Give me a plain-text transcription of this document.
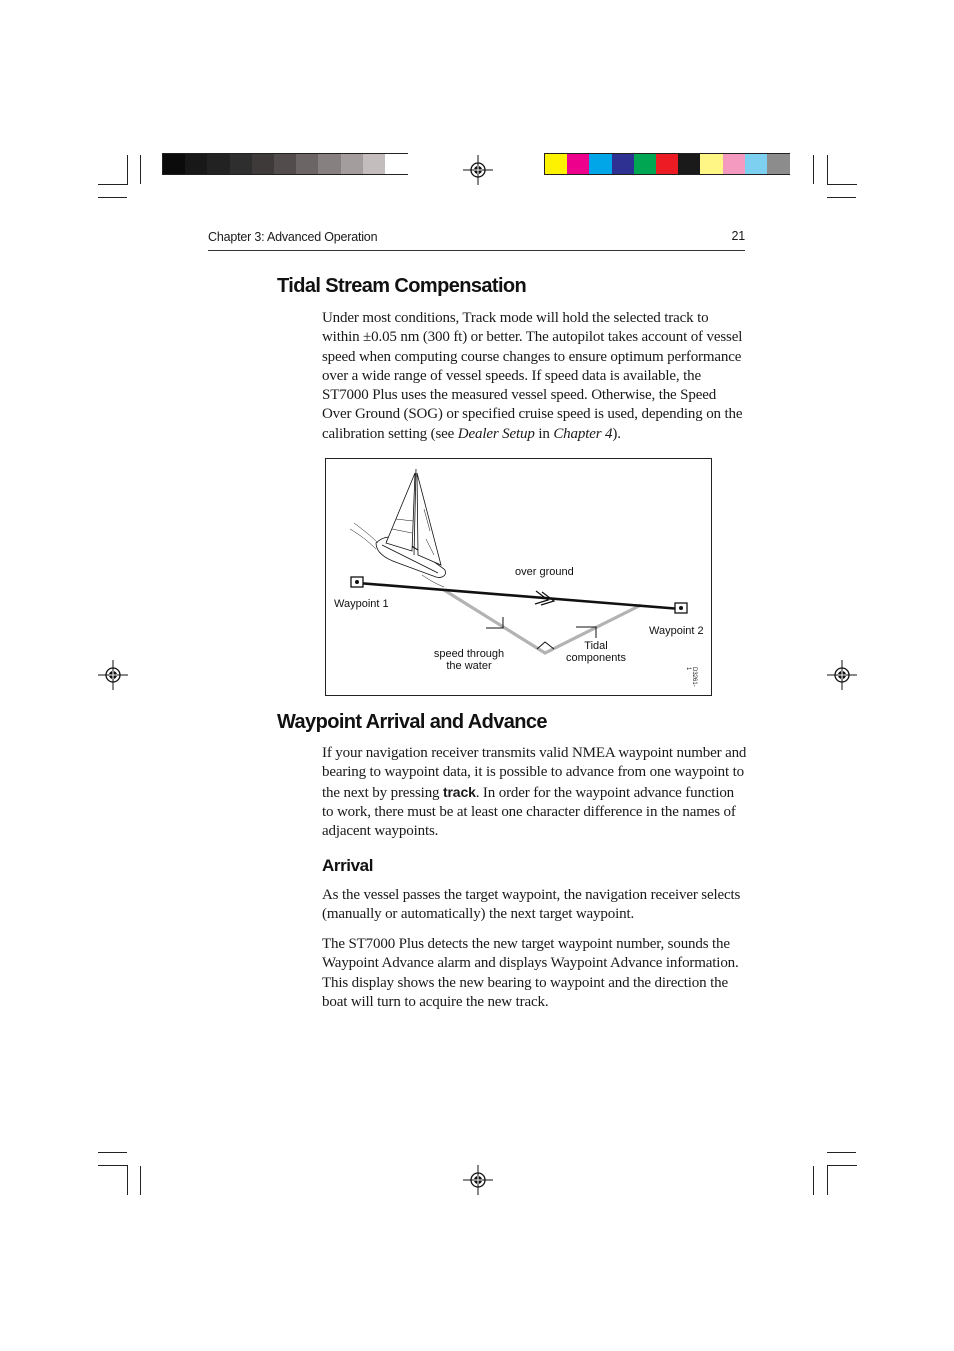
Chapter 3: Advanced Operation	21
Tidal Stream Compensation

Under most conditions, Track mode will hold the selected track to within ±0.05 nm (300 ft) or better. The autopilot takes account of vessel speed when computing course changes to ensure optimum performance over a wide range of vessel speeds. If speed data is available, the ST7000 Plus uses the measured vessel speed. Otherwise, the Speed Over Ground (SOG) or specified cruise speed is used, depending on the calibration setting (see Dealer Setup in Chapter 4).

over ground
Waypoint 1
Waypoint 2
speed through
the water
Tidal
components
D3261-1
Waypoint Arrival and Advance

If your navigation receiver transmits valid NMEA waypoint number and bearing to waypoint data, it is possible to advance from one waypoint to the next by pressing track. In order for the waypoint advance function to work, there must be at least one character difference in the names of adjacent waypoints.

Arrival

As the vessel passes the target waypoint, the navigation receiver selects (manually or automatically) the next target waypoint.

The ST7000 Plus detects the new target waypoint number, sounds the Waypoint Advance alarm and displays Waypoint Advance information. This display shows the new bearing to waypoint and the direction the boat will turn to acquire the new track.
